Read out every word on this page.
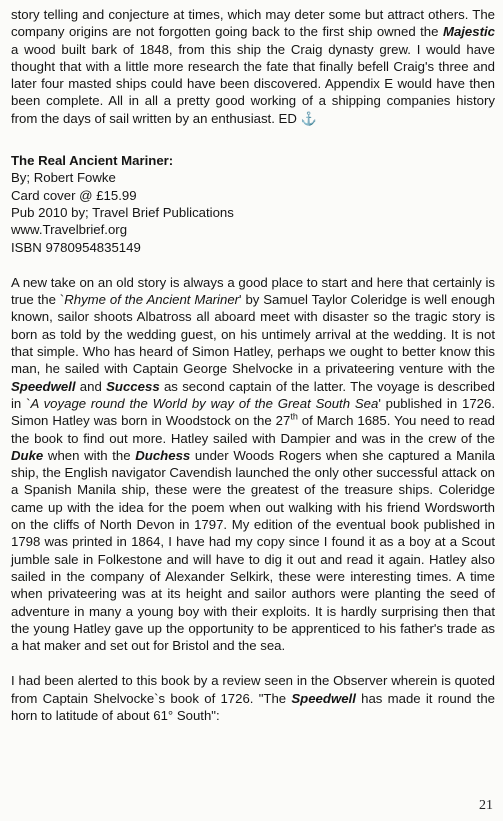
story telling and conjecture at times, which may deter some but attract others. The company origins are not forgotten going back to the first ship owned the Majestic a wood built bark of 1848, from this ship the Craig dynasty grew. I would have thought that with a little more research the fate that finally befell Craig's three and later four masted ships could have been discovered. Appendix E would have then been complete. All in all a pretty good working of a shipping companies history from the days of sail written by an enthusiast. ED ⚓

The Real Ancient Mariner:
By; Robert Fowke
Card cover @ £15.99
Pub 2010 by; Travel Brief Publications
www.Travelbrief.org
ISBN 9780954835149

A new take on an old story is always a good place to start and here that certainly is true the `Rhyme of the Ancient Mariner' by Samuel Taylor Coleridge is well enough known, sailor shoots Albatross all aboard meet with disaster so the tragic story is born as told by the wedding guest, on his untimely arrival at the wedding. It is not that simple. Who has heard of Simon Hatley, perhaps we ought to better know this man, he sailed with Captain George Shelvocke in a privateering venture with the Speedwell and Success as second captain of the latter. The voyage is described in `A voyage round the World by way of the Great South Sea' published in 1726. Simon Hatley was born in Woodstock on the 27th of March 1685. You need to read the book to find out more. Hatley sailed with Dampier and was in the crew of the Duke when with the Duchess under Woods Rogers when she captured a Manila ship, the English navigator Cavendish launched the only other successful attack on a Spanish Manila ship, these were the greatest of the treasure ships. Coleridge came up with the idea for the poem when out walking with his friend Wordsworth on the cliffs of North Devon in 1797. My edition of the eventual book published in 1798 was printed in 1864, I have had my copy since I found it as a boy at a Scout jumble sale in Folkestone and will have to dig it out and read it again. Hatley also sailed in the company of Alexander Selkirk, these were interesting times. A time when privateering was at its height and sailor authors were planting the seed of adventure in many a young boy with their exploits. It is hardly surprising then that the young Hatley gave up the opportunity to be apprenticed to his father's trade as a hat maker and set out for Bristol and the sea.

I had been alerted to this book by a review seen in the Observer wherein is quoted from Captain Shelvocke`s book of 1726. "The Speedwell has made it round the horn to latitude of about 61° South":

21
